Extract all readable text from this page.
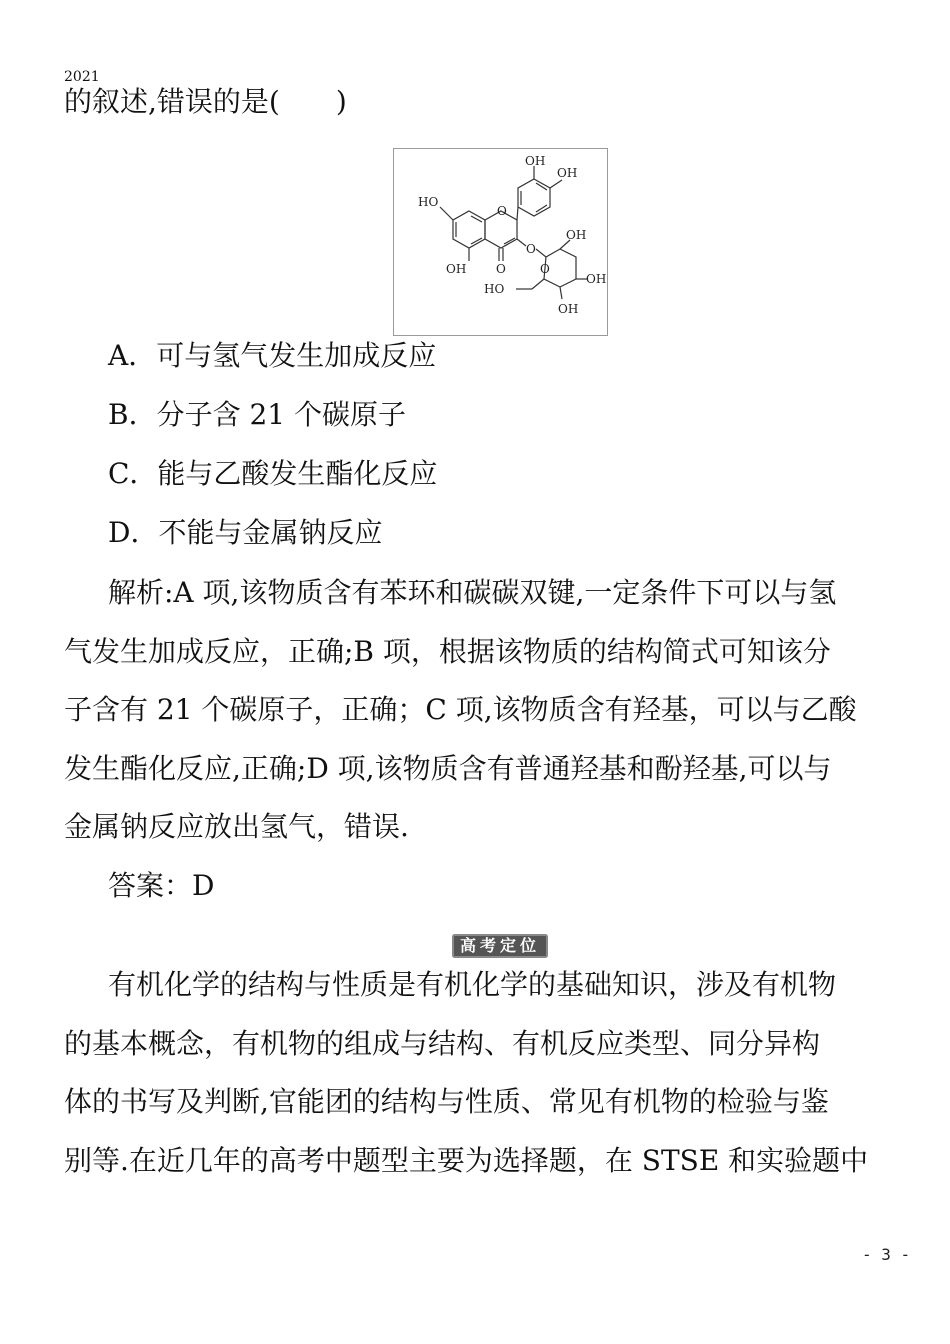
2021
的叙述,错误的是(　　)
OH
OH
HO
O
O
OH
OH O	O
OH
HO
OH
A．可与氢气发生加成反应
B．分子含 21 个碳原子
C．能与乙酸发生酯化反应
D．不能与金属钠反应
解析:A 项,该物质含有苯环和碳碳双键,一定条件下可以与氢
气发生加成反应，正确;B 项，根据该物质的结构简式可知该分
子含有 21 个碳原子，正确；C 项,该物质含有羟基，可以与乙酸
发生酯化反应,正确;D 项,该物质含有普通羟基和酚羟基,可以与
金属钠反应放出氢气，错误.
答案：D
高考定位
有机化学的结构与性质是有机化学的基础知识，涉及有机物
的基本概念，有机物的组成与结构、有机反应类型、同分异构
体的书写及判断,官能团的结构与性质、常见有机物的检验与鉴
别等.在近几年的高考中题型主要为选择题，在 STSE 和实验题中
- 3 -
